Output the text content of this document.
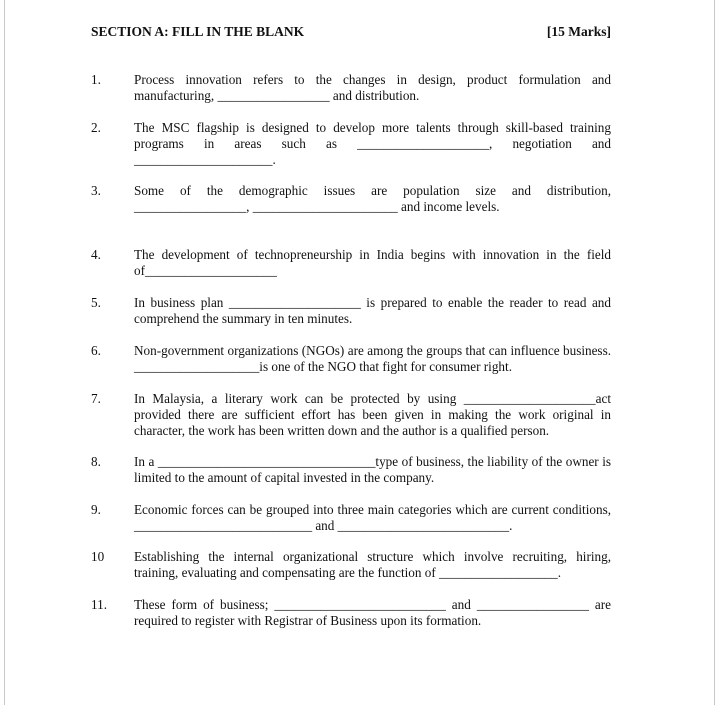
SECTION A: FILL IN THE BLANK	[15 Marks]
1.	Process innovation refers to the changes in design, product formulation and manufacturing, _________________ and distribution.
2.	The MSC flagship is designed to develop more talents through skill-based training programs in areas such as ____________________, negotiation and _____________________.
3.	Some of the demographic issues are population size and distribution, _________________, ______________________ and income levels.
4.	The development of technopreneurship in India begins with innovation in the field of____________________
5.	In business plan ____________________ is prepared to enable the reader to read and comprehend the summary in ten minutes.
6.	Non-government organizations (NGOs) are among the groups that can influence business. ___________________is one of the NGO that fight for consumer right.
7.	In Malaysia, a literary work can be protected by using ____________________act provided there are sufficient effort has been given in making the work original in character, the work has been written down and the author is a qualified person.
8.	In a _________________________________type of business, the liability of the owner is limited to the amount of capital invested in the company.
9.	Economic forces can be grouped into three main categories which are current conditions, ___________________________ and __________________________.
10	Establishing the internal organizational structure which involve recruiting, hiring, training, evaluating and compensating are the function of __________________.
11.	These form of business; __________________________ and _________________ are required to register with Registrar of Business upon its formation.
